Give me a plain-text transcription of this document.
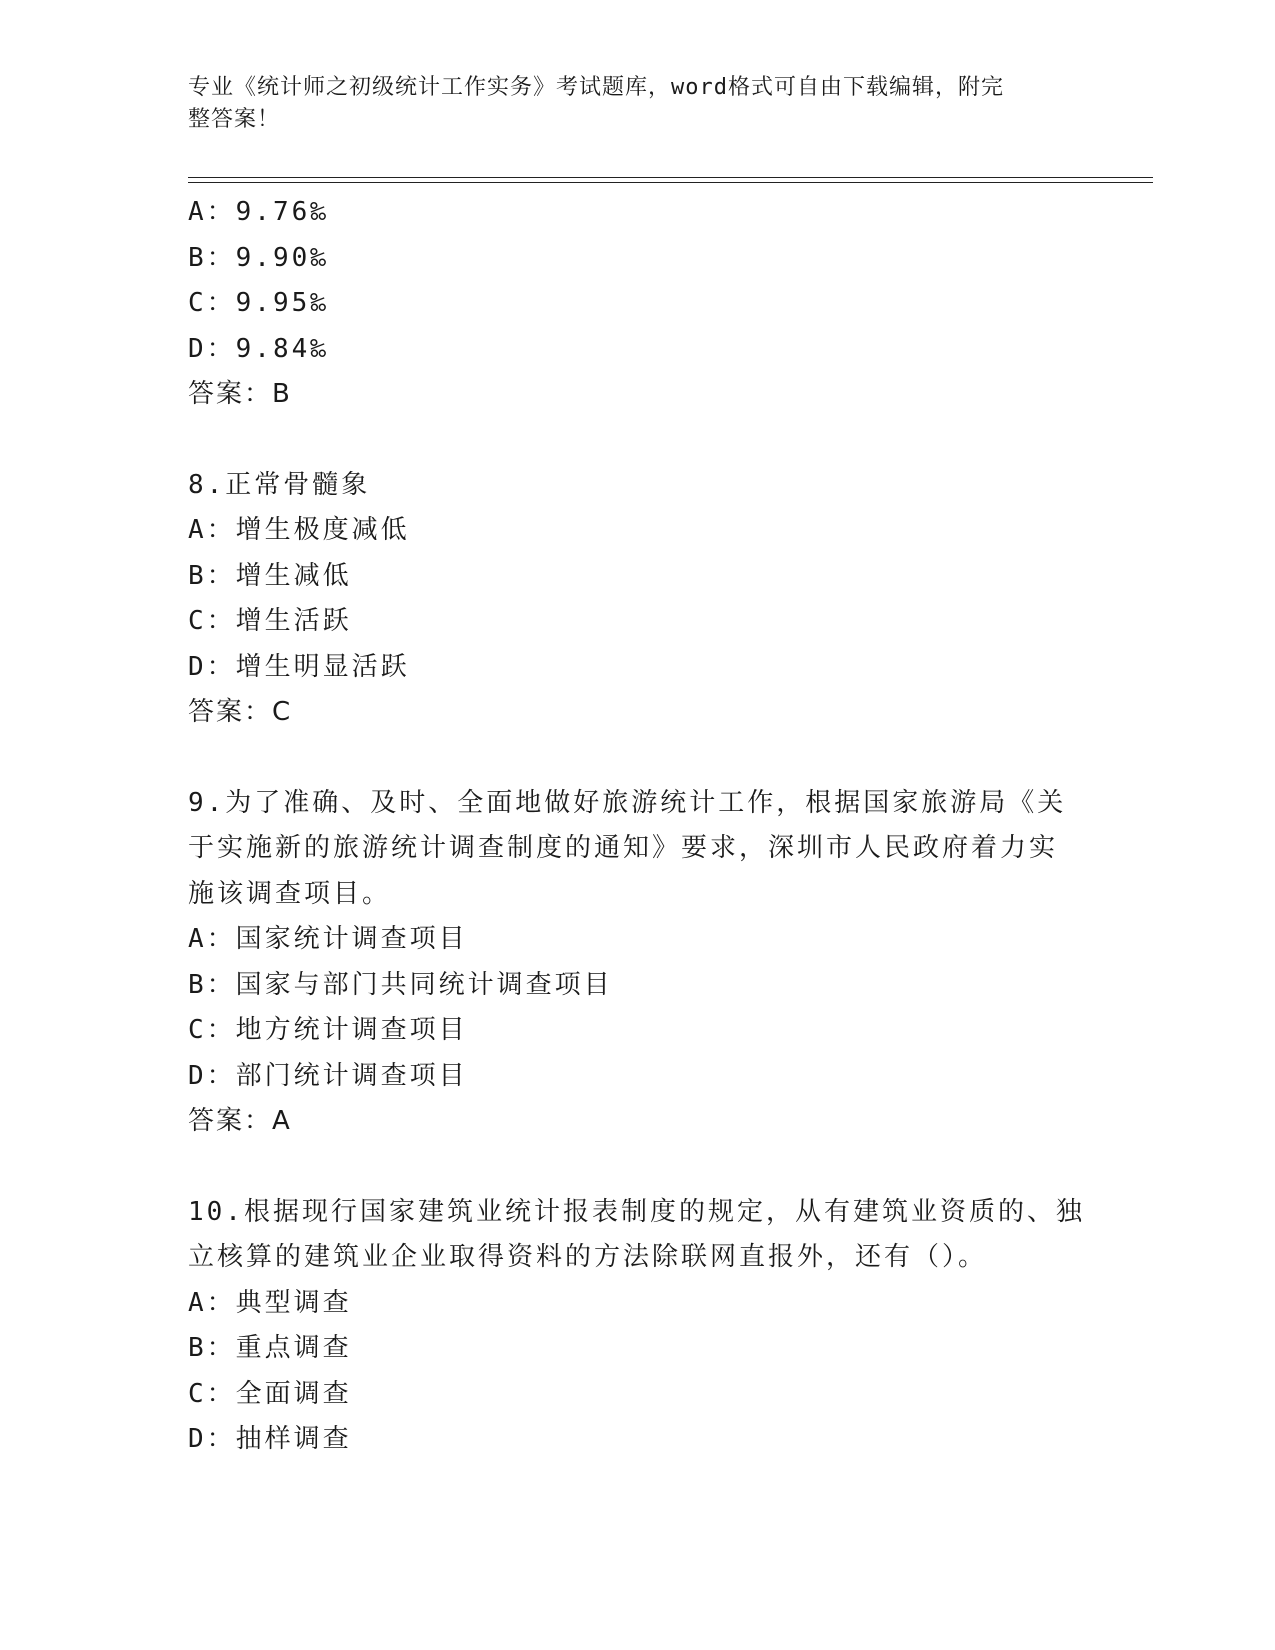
专业《统计师之初级统计工作实务》考试题库，word格式可自由下载编辑，附完
整答案！
A：9.76‰
B：9.90‰
C：9.95‰
D：9.84‰
答案：B
8.正常骨髓象
A：增生极度减低
B：增生减低
C：增生活跃
D：增生明显活跃
答案：C
9.为了准确、及时、全面地做好旅游统计工作，根据国家旅游局《关
于实施新的旅游统计调查制度的通知》要求，深圳市人民政府着力实
施该调查项目。
A：国家统计调查项目
B：国家与部门共同统计调查项目
C：地方统计调查项目
D：部门统计调查项目
答案：A
10.根据现行国家建筑业统计报表制度的规定，从有建筑业资质的、独
立核算的建筑业企业取得资料的方法除联网直报外，还有（）。
A：典型调查
B：重点调查
C：全面调查
D：抽样调查
